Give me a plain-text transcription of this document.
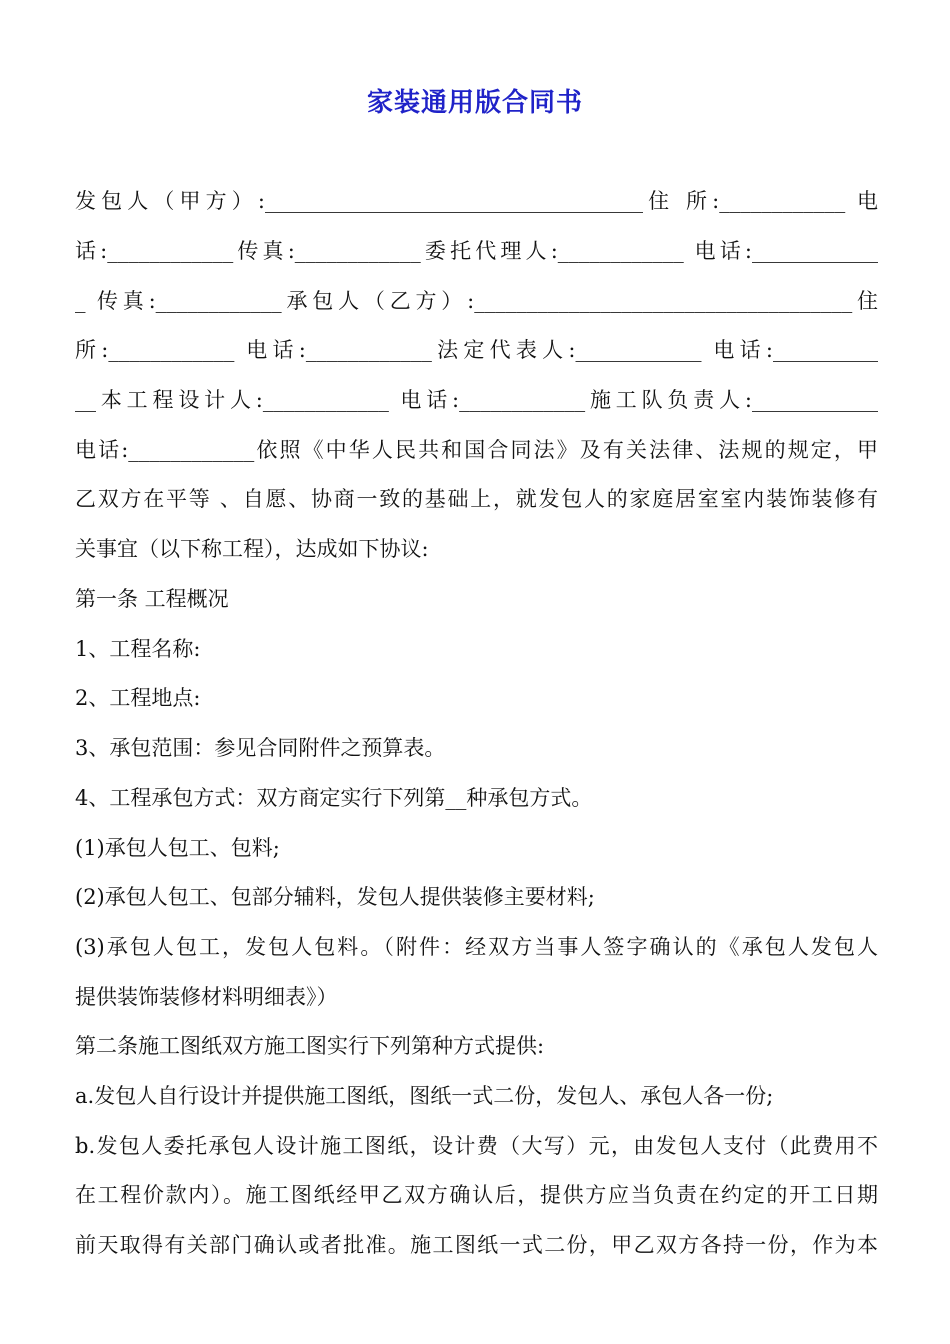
家装通用版合同书
发包人（甲方）:____________________________________住 所:____________ 电
话:____________传真:____________委托代理人:____________ 电话:____________
_ 传真:____________承包人（乙方）:____________________________________住
所:____________ 电话:____________法定代表人:____________ 电话:__________
__本工程设计人:____________ 电话:____________施工队负责人:____________
电话:____________依照《中华人民共和国合同法》及有关法律、法规的规定，甲
乙双方在平等 、自愿、协商一致的基础上，就发包人的家庭居室室内装饰装修有
关事宜（以下称工程），达成如下协议:
第一条 工程概况
1、工程名称:
2、工程地点:
3、承包范围：参见合同附件之预算表。
4、工程承包方式：双方商定实行下列第__种承包方式。
(1)承包人包工、包料;
(2)承包人包工、包部分辅料，发包人提供装修主要材料;
(3)承包人包工，发包人包料。（附件：经双方当事人签字确认的《承包人发包人
提供装饰装修材料明细表》）
第二条施工图纸双方施工图实行下列第种方式提供:
a.发包人自行设计并提供施工图纸，图纸一式二份，发包人、承包人各一份;
b.发包人委托承包人设计施工图纸，设计费（大写）元，由发包人支付（此费用不
在工程价款内）。施工图纸经甲乙双方确认后，提供方应当负责在约定的开工日期
前天取得有关部门确认或者批准。施工图纸一式二份，甲乙双方各持一份，作为本
